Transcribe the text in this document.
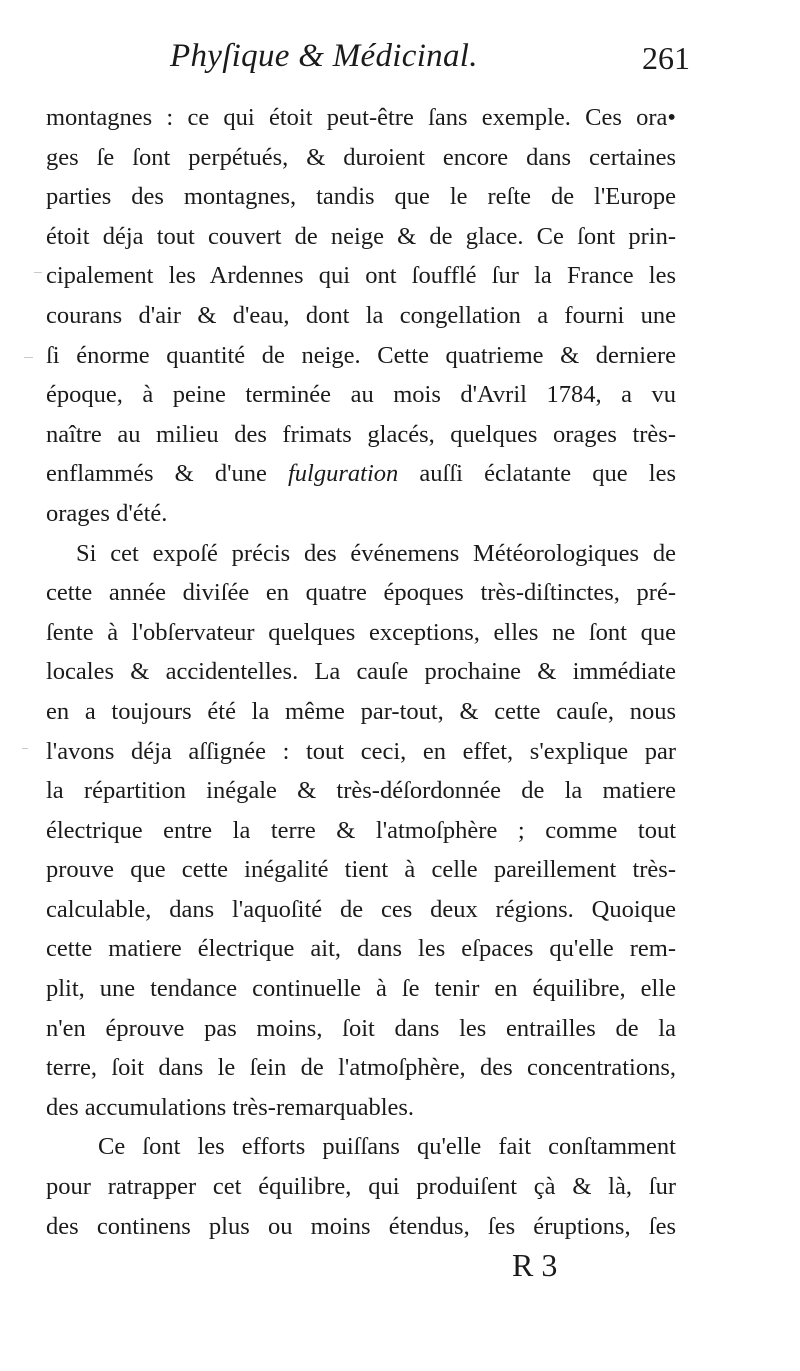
Phyſique & Médicinal.	261
montagnes : ce qui étoit peut-être ſans exemple. Ces ora•
ges ſe ſont perpétués, & duroient encore dans certaines
parties des montagnes, tandis que le reſte de l'Europe
étoit déja tout couvert de neige & de glace. Ce ſont prin-
cipalement les Ardennes qui ont ſoufflé ſur la France les
courans d'air & d'eau, dont la congellation a fourni une
ſi énorme quantité de neige. Cette quatrieme & derniere
époque, à peine terminée au mois d'Avril 1784, a vu
naître au milieu des frimats glacés, quelques orages très-
enflammés & d'une fulguration auſſi éclatante que les
orages d'été.
Si cet expoſé précis des événemens Météorologiques de
cette année diviſée en quatre époques très-diſtinctes, pré-
ſente à l'obſervateur quelques exceptions, elles ne ſont que
locales & accidentelles. La cauſe prochaine & immédiate
en a toujours été la même par-tout, & cette cauſe, nous
l'avons déja aſſignée : tout ceci, en effet, s'explique par
la répartition inégale & très-déſordonnée de la matiere
électrique entre la terre & l'atmoſphère ; comme tout
prouve que cette inégalité tient à celle pareillement très-
calculable, dans l'aquoſité de ces deux régions. Quoique
cette matiere électrique ait, dans les eſpaces qu'elle rem-
plit, une tendance continuelle à ſe tenir en équilibre, elle
n'en éprouve pas moins, ſoit dans les entrailles de la
terre, ſoit dans le ſein de l'atmoſphère, des concentrations,
des accumulations très-remarquables.
Ce ſont les efforts puiſſans qu'elle fait conſtamment
pour ratrapper cet équilibre, qui produiſent çà & là, ſur
des continens plus ou moins étendus, ſes éruptions, ſes
R 3
